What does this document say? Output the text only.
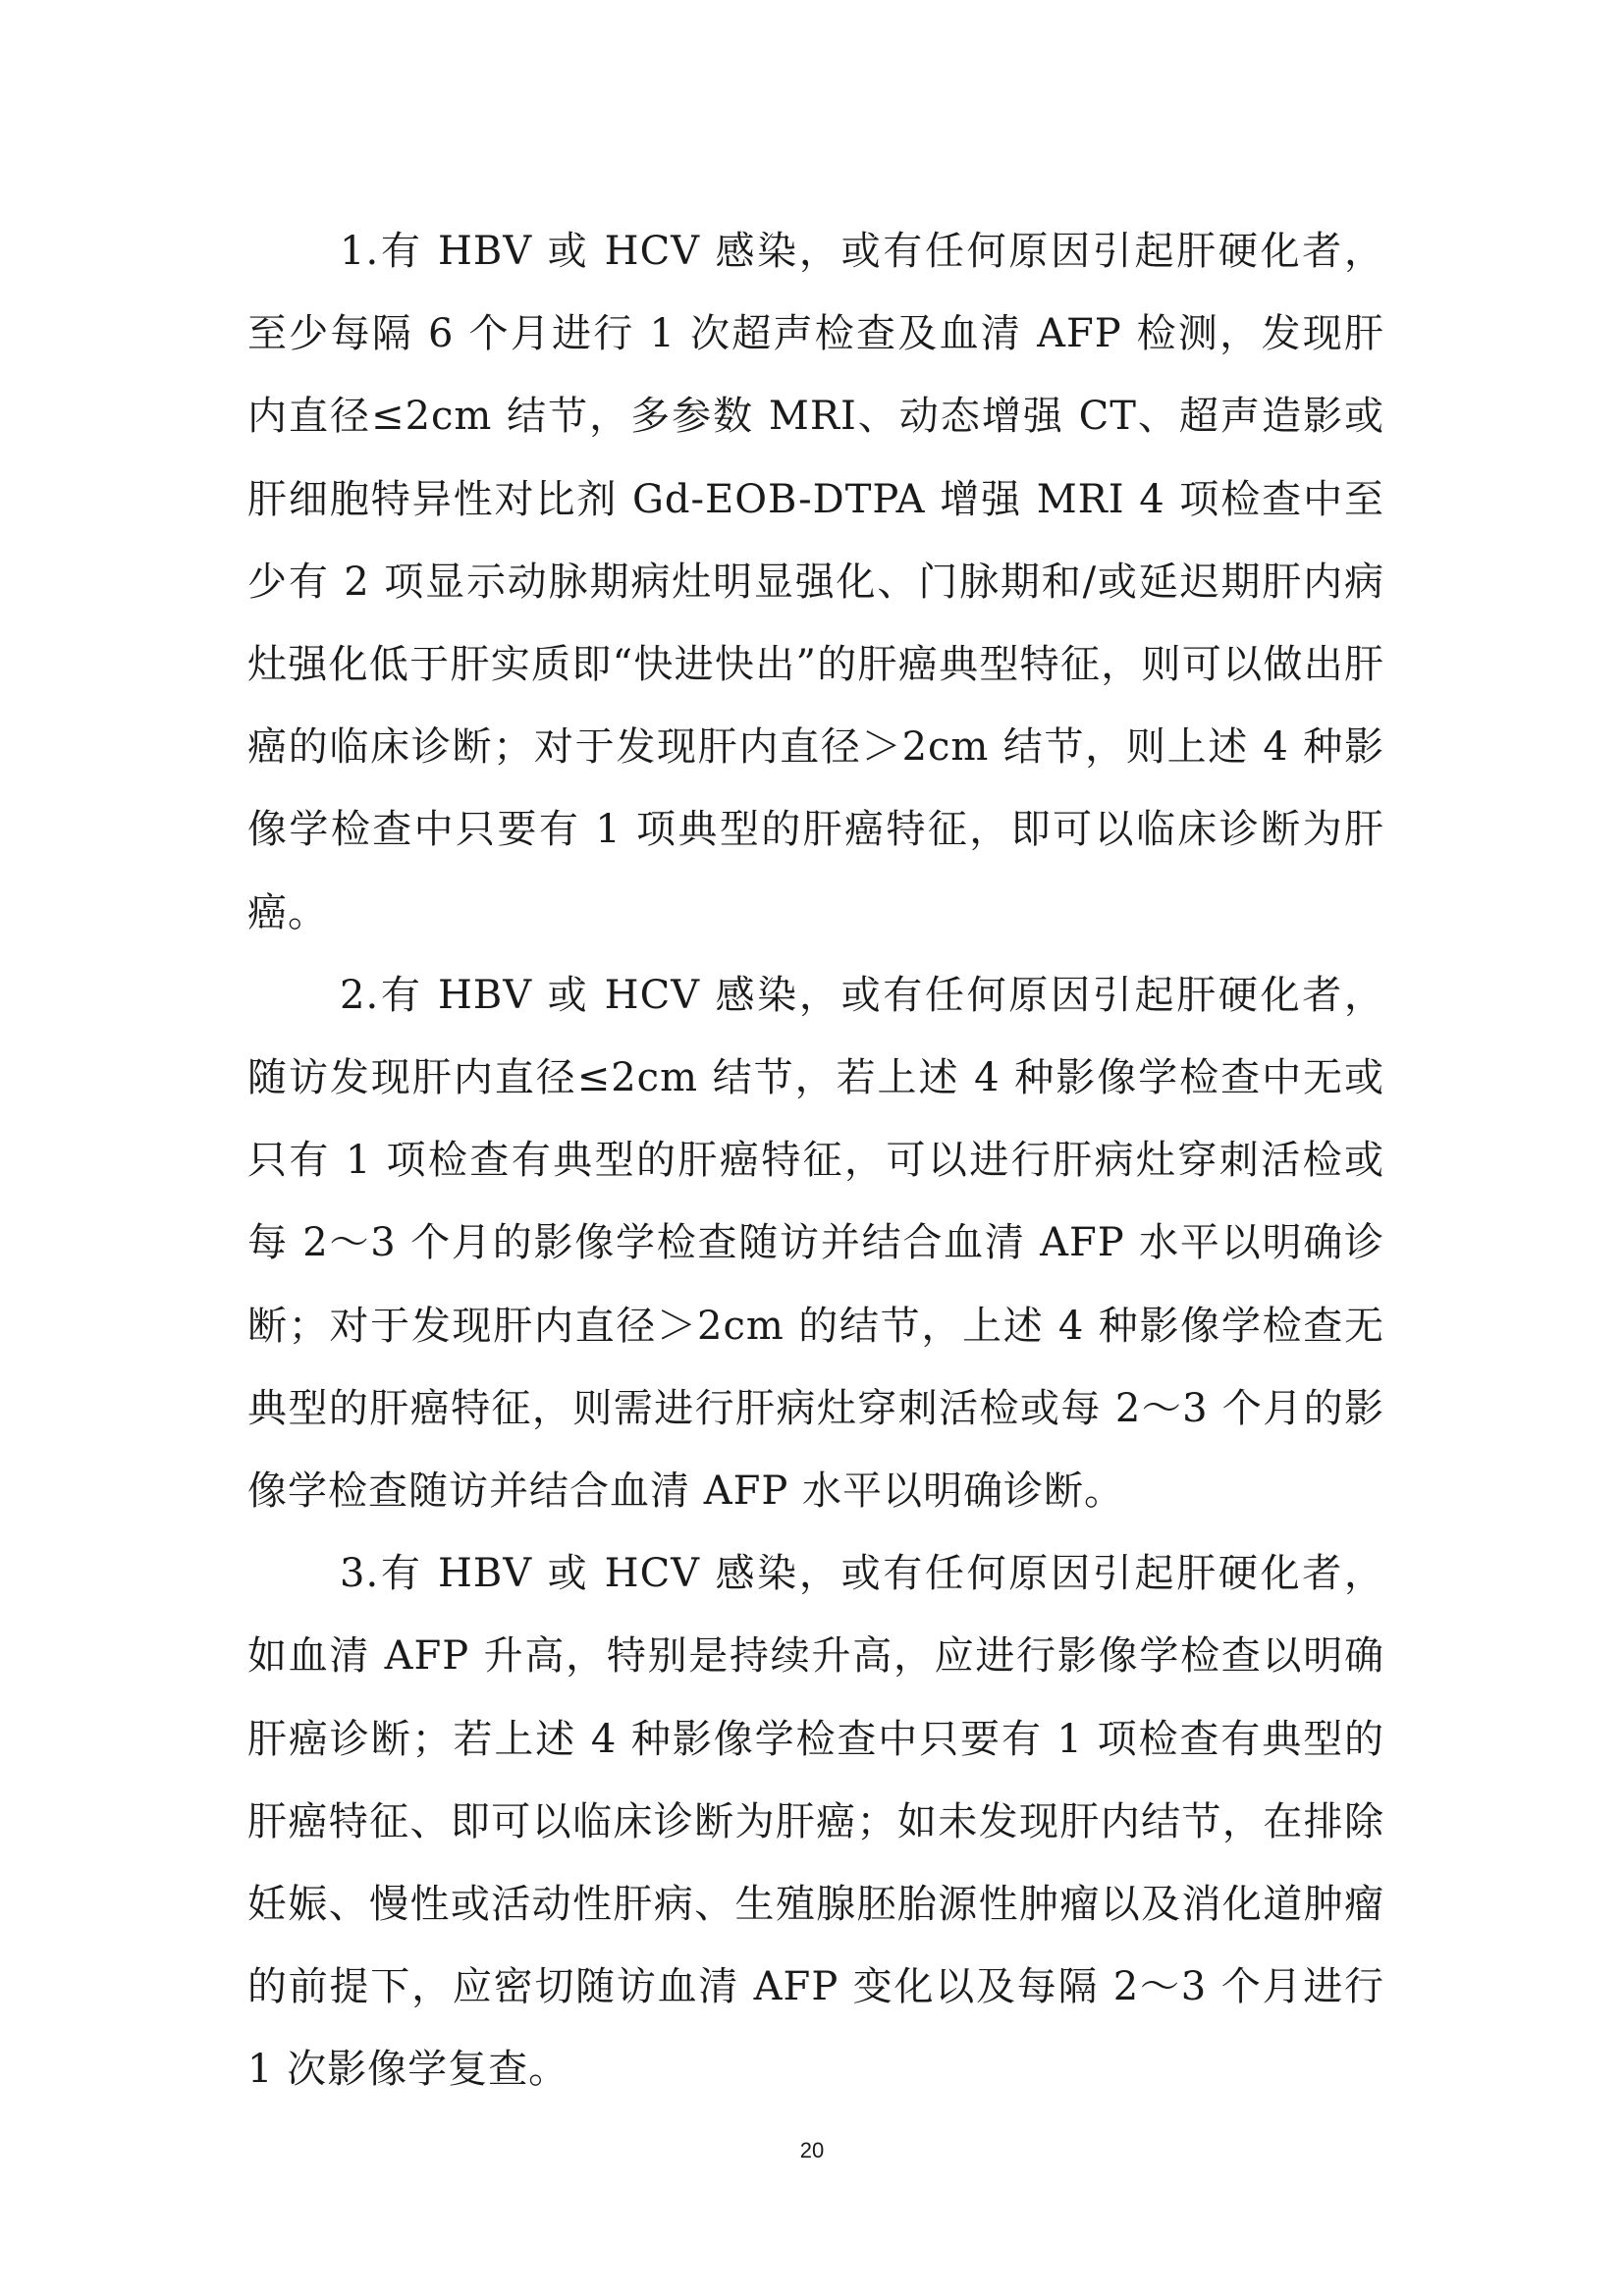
1.有 HBV 或 HCV 感染，或有任何原因引起肝硬化者，至少每隔 6 个月进行 1 次超声检查及血清 AFP 检测，发现肝内直径≤2cm 结节，多参数 MRI、动态增强 CT、超声造影或肝细胞特异性对比剂 Gd-EOB-DTPA 增强 MRI 4 项检查中至少有 2 项显示动脉期病灶明显强化、门脉期和/或延迟期肝内病灶强化低于肝实质即“快进快出”的肝癌典型特征，则可以做出肝癌的临床诊断；对于发现肝内直径＞2cm 结节，则上述 4 种影像学检查中只要有 1 项典型的肝癌特征，即可以临床诊断为肝癌。

2.有 HBV 或 HCV 感染，或有任何原因引起肝硬化者，随访发现肝内直径≤2cm 结节，若上述 4 种影像学检查中无或只有 1 项检查有典型的肝癌特征，可以进行肝病灶穿刺活检或每 2～3 个月的影像学检查随访并结合血清 AFP 水平以明确诊断；对于发现肝内直径＞2cm 的结节，上述 4 种影像学检查无典型的肝癌特征，则需进行肝病灶穿刺活检或每 2～3 个月的影像学检查随访并结合血清 AFP 水平以明确诊断。

3.有 HBV 或 HCV 感染，或有任何原因引起肝硬化者，如血清 AFP 升高，特别是持续升高，应进行影像学检查以明确肝癌诊断；若上述 4 种影像学检查中只要有 1 项检查有典型的肝癌特征、即可以临床诊断为肝癌；如未发现肝内结节，在排除妊娠、慢性或活动性肝病、生殖腺胚胎源性肿瘤以及消化道肿瘤的前提下，应密切随访血清 AFP 变化以及每隔 2～3 个月进行 1 次影像学复查。

20
